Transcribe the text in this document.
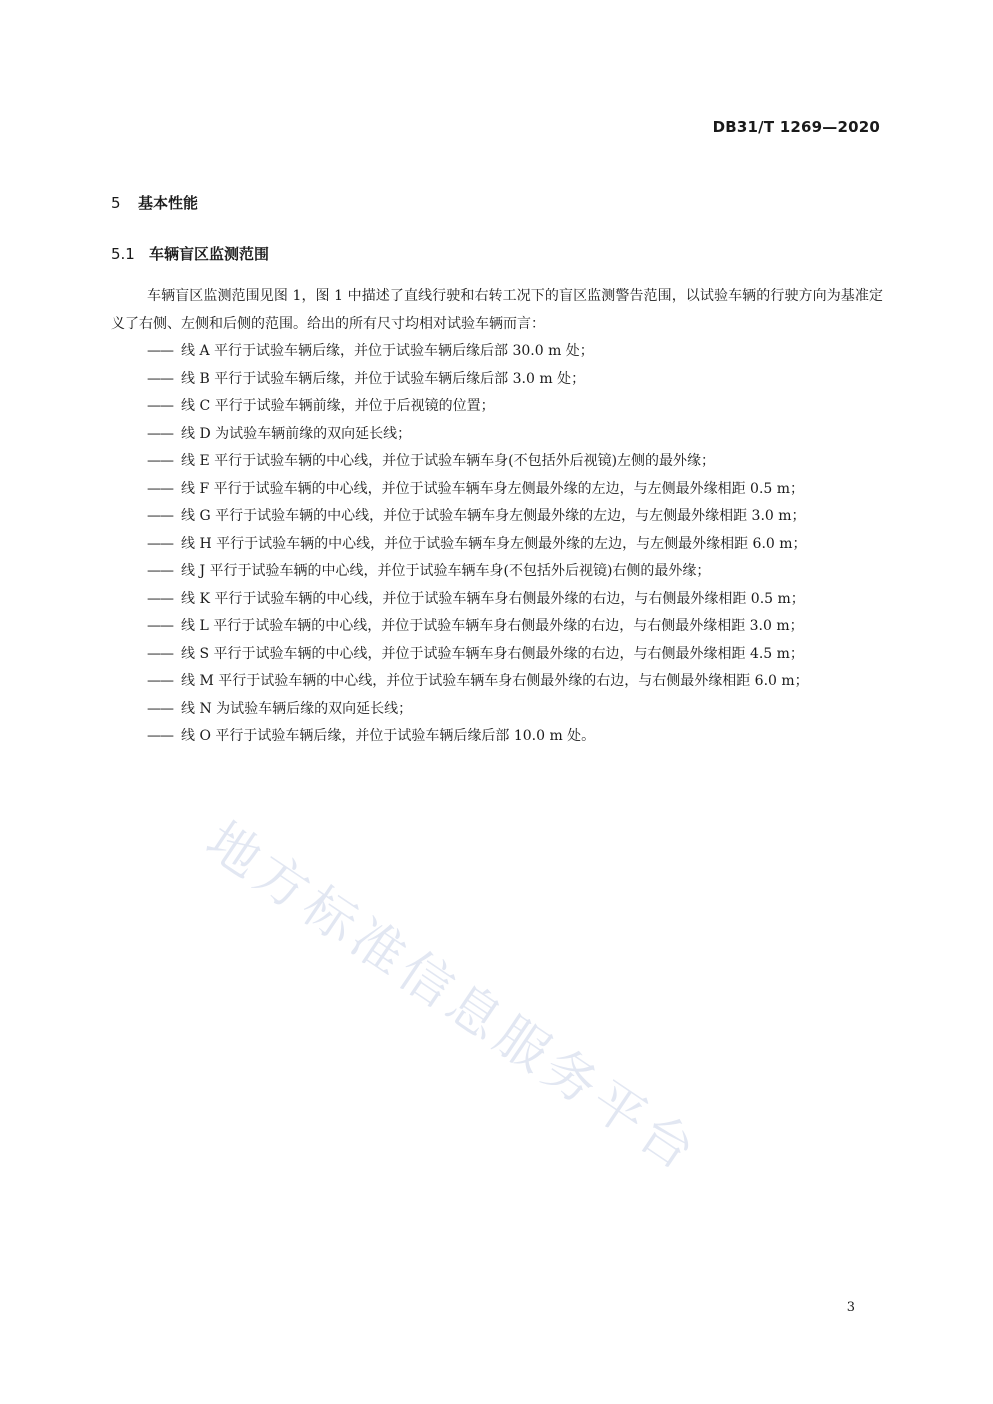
DB31/T 1269—2020
5 基本性能
5.1 车辆盲区监测范围

车辆盲区监测范围见图 1，图 1 中描述了直线行驶和右转工况下的盲区监测警告范围，以试验车辆的行驶方向为基准定义了右侧、左侧和后侧的范围。给出的所有尺寸均相对试验车辆而言：

—— 线 A 平行于试验车辆后缘，并位于试验车辆后缘后部 30.0 m 处；
—— 线 B 平行于试验车辆后缘，并位于试验车辆后缘后部 3.0 m 处；
—— 线 C 平行于试验车辆前缘，并位于后视镜的位置；
—— 线 D 为试验车辆前缘的双向延长线；
—— 线 E 平行于试验车辆的中心线，并位于试验车辆车身(不包括外后视镜)左侧的最外缘；
—— 线 F 平行于试验车辆的中心线，并位于试验车辆车身左侧最外缘的左边，与左侧最外缘相距 0.5 m；
—— 线 G 平行于试验车辆的中心线，并位于试验车辆车身左侧最外缘的左边，与左侧最外缘相距 3.0 m；
—— 线 H 平行于试验车辆的中心线，并位于试验车辆车身左侧最外缘的左边，与左侧最外缘相距 6.0 m；
—— 线 J 平行于试验车辆的中心线，并位于试验车辆车身(不包括外后视镜)右侧的最外缘；
—— 线 K 平行于试验车辆的中心线，并位于试验车辆车身右侧最外缘的右边，与右侧最外缘相距 0.5 m；
—— 线 L 平行于试验车辆的中心线，并位于试验车辆车身右侧最外缘的右边，与右侧最外缘相距 3.0 m；
—— 线 S 平行于试验车辆的中心线，并位于试验车辆车身右侧最外缘的右边，与右侧最外缘相距 4.5 m；
—— 线 M 平行于试验车辆的中心线，并位于试验车辆车身右侧最外缘的右边，与右侧最外缘相距 6.0 m；
—— 线 N 为试验车辆后缘的双向延长线；
—— 线 O 平行于试验车辆后缘，并位于试验车辆后缘后部 10.0 m 处。
地方标准信息服务平台
3
